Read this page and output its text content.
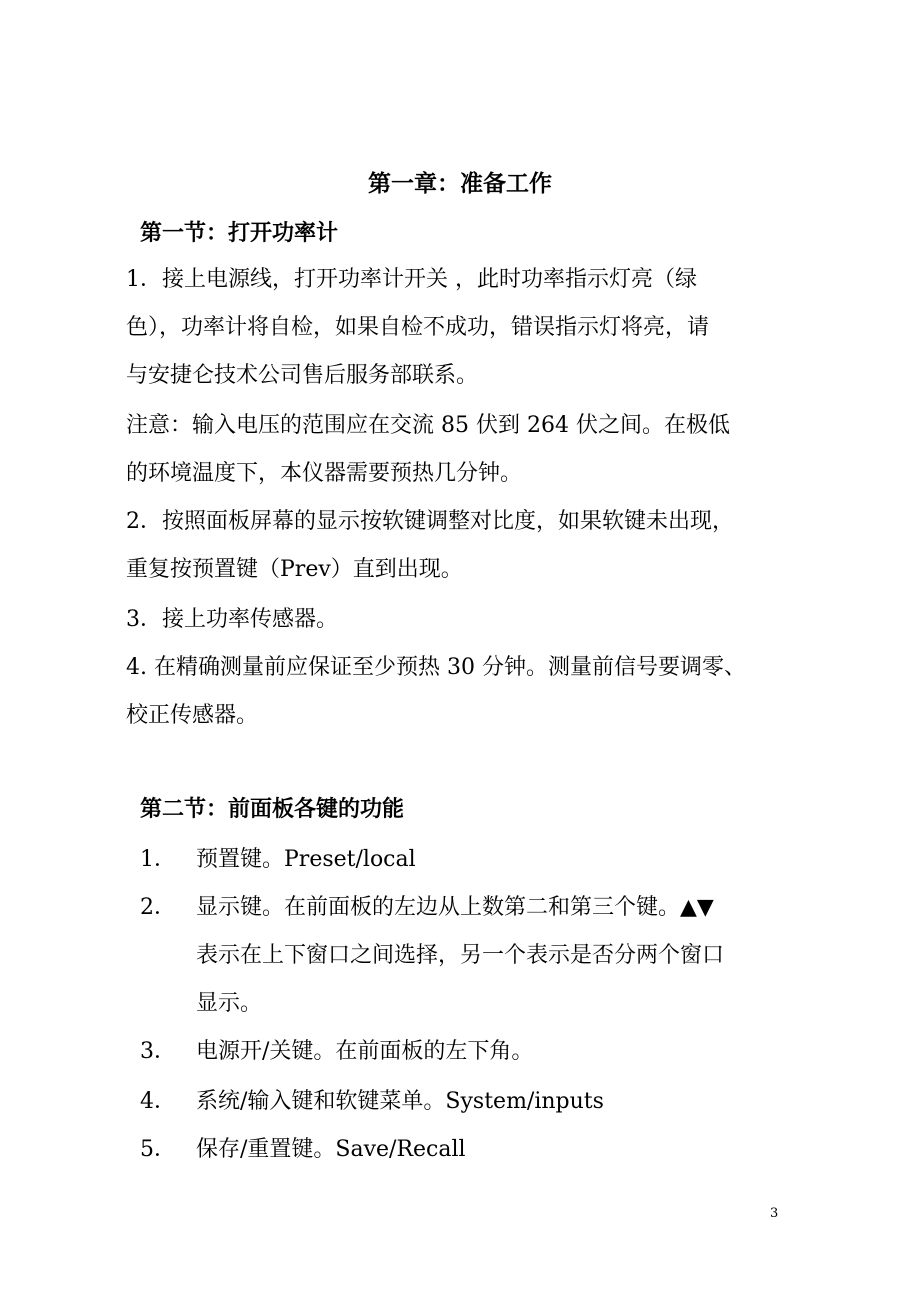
第一章：准备工作
第一节：打开功率计
1．接上电源线，打开功率计开关 ，此时功率指示灯亮（绿
色），功率计将自检，如果自检不成功，错误指示灯将亮，请
与安捷仑技术公司售后服务部联系。
注意：输入电压的范围应在交流 85 伏到 264 伏之间。在极低
的环境温度下，本仪器需要预热几分钟。
2．按照面板屏幕的显示按软键调整对比度，如果软键未出现，
重复按预置键（Prev）直到出现。
3．接上功率传感器。
4. 在精确测量前应保证至少预热 30 分钟。测量前信号要调零、
校正传感器。
第二节：前面板各键的功能
1． 预置键。Preset/local
2． 显示键。在前面板的左边从上数第二和第三个键。▲▼
表示在上下窗口之间选择，另一个表示是否分两个窗口
显示。
3． 电源开/关键。在前面板的左下角。
4． 系统/输入键和软键菜单。System/inputs
5． 保存/重置键。Save/Recall
3
